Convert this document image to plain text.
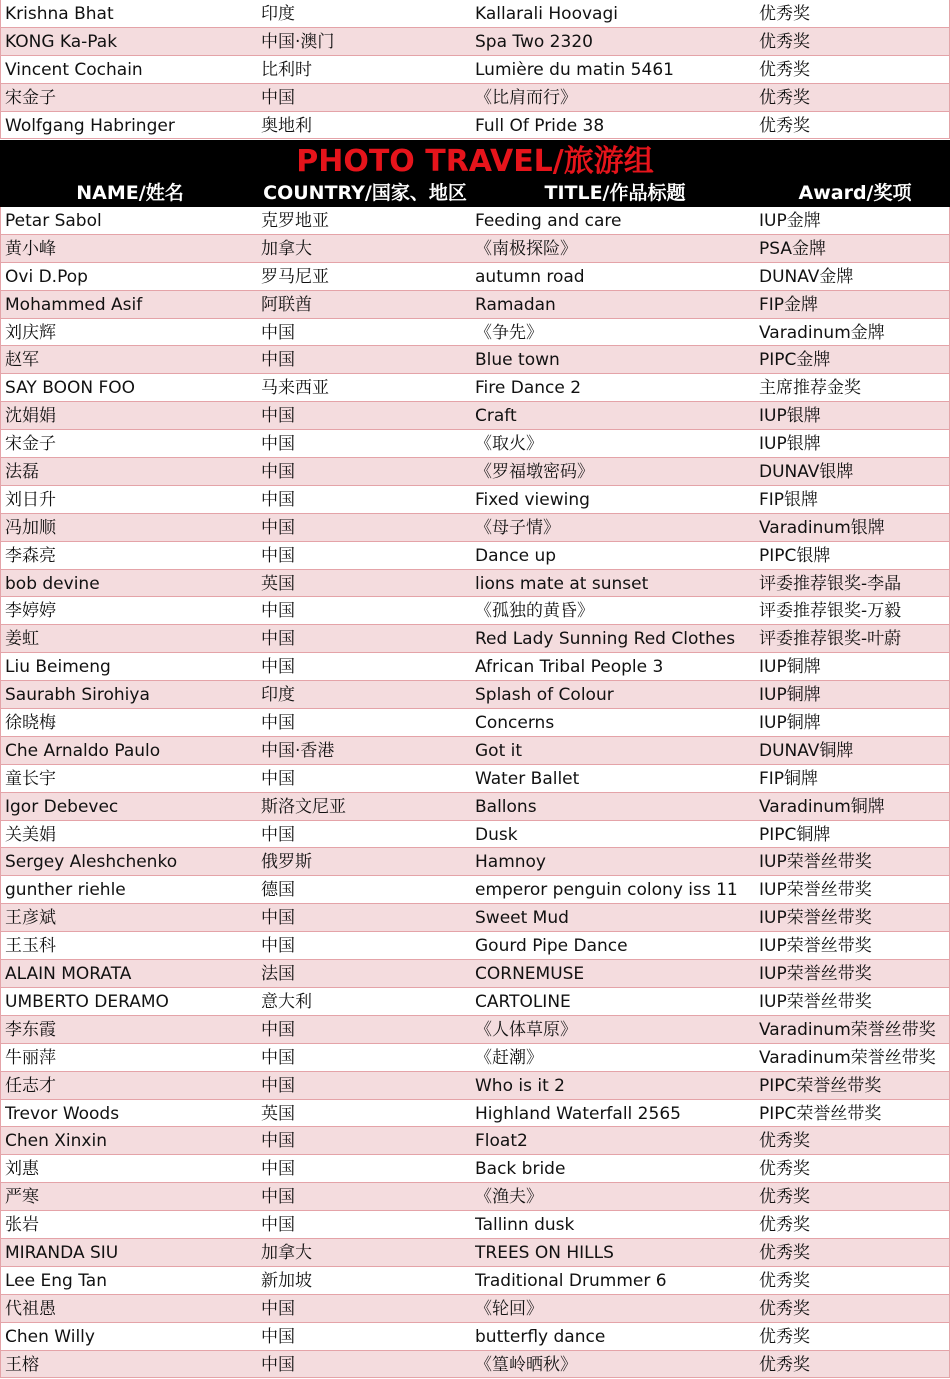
Krishna Bhat	印度	Kallarali Hoovagi	优秀奖
KONG Ka-Pak	中国·澳门	Spa Two 2320	优秀奖
Vincent Cochain	比利时	Lumière du matin 5461	优秀奖
宋金子	中国	《比肩而行》	优秀奖
Wolfgang Habringer	奥地利	Full Of Pride 38	优秀奖
PHOTO TRAVEL/旅游组
NAME/姓名	COUNTRY/国家、地区	TITLE/作品标题	Award/奖项
Petar Sabol	克罗地亚	Feeding and care	IUP金牌
黄小峰	加拿大	《南极探险》	PSA金牌
Ovi D.Pop	罗马尼亚	autumn road	DUNAV金牌
Mohammed Asif	阿联酋	Ramadan	FIP金牌
刘庆辉	中国	《争先》	Varadinum金牌
赵军	中国	Blue town	PIPC金牌
SAY BOON FOO	马来西亚	Fire Dance 2	主席推荐金奖
沈娟娟	中国	Craft	IUP银牌
宋金子	中国	《取火》	IUP银牌
法磊	中国	《罗福墩密码》	DUNAV银牌
刘日升	中国	Fixed viewing	FIP银牌
冯加顺	中国	《母子情》	Varadinum银牌
李森亮	中国	Dance up	PIPC银牌
bob devine	英国	lions mate at sunset	评委推荐银奖-李晶
李婷婷	中国	《孤独的黄昏》	评委推荐银奖-万毅
姜虹	中国	Red Lady Sunning Red Clothes	评委推荐银奖-叶蔚
Liu Beimeng	中国	African Tribal People 3	IUP铜牌
Saurabh Sirohiya	印度	Splash of Colour	IUP铜牌
徐晓梅	中国	Concerns	IUP铜牌
Che Arnaldo Paulo	中国·香港	Got it	DUNAV铜牌
童长宇	中国	Water Ballet	FIP铜牌
Igor Debevec	斯洛文尼亚	Ballons	Varadinum铜牌
关美娟	中国	Dusk	PIPC铜牌
Sergey Aleshchenko	俄罗斯	Hamnoy	IUP荣誉丝带奖
gunther riehle	德国	emperor penguin colony iss 11	IUP荣誉丝带奖
王彦斌	中国	Sweet Mud	IUP荣誉丝带奖
王玉科	中国	Gourd Pipe Dance	IUP荣誉丝带奖
ALAIN MORATA	法国	CORNEMUSE	IUP荣誉丝带奖
UMBERTO DERAMO	意大利	CARTOLINE	IUP荣誉丝带奖
李东霞	中国	《人体草原》	Varadinum荣誉丝带奖
牛丽萍	中国	《赶潮》	Varadinum荣誉丝带奖
任志才	中国	Who is it 2	PIPC荣誉丝带奖
Trevor Woods	英国	Highland Waterfall 2565	PIPC荣誉丝带奖
Chen Xinxin	中国	Float2	优秀奖
刘惠	中国	Back bride	优秀奖
严寒	中国	《渔夫》	优秀奖
张岩	中国	Tallinn dusk	优秀奖
MIRANDA SIU	加拿大	TREES ON HILLS	优秀奖
Lee Eng Tan	新加坡	Traditional Drummer 6	优秀奖
代祖愚	中国	《轮回》	优秀奖
Chen Willy	中国	butterfly dance	优秀奖
王榕	中国	《篁岭晒秋》	优秀奖
